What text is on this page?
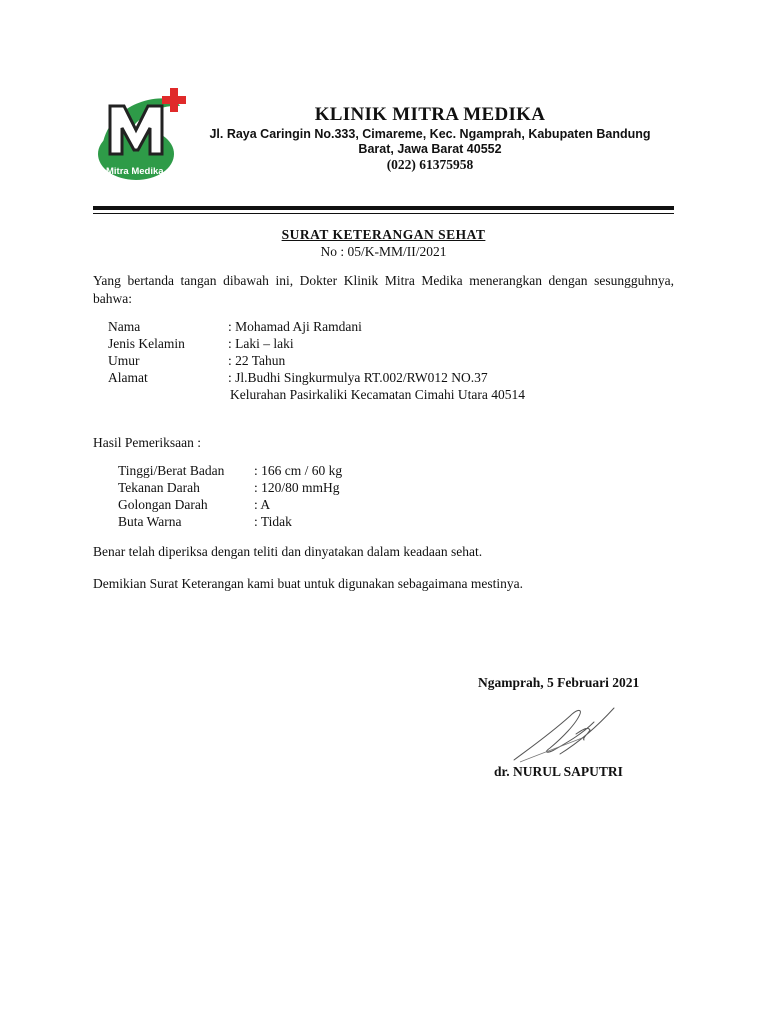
Mitra Medika
KLINIK MITRA MEDIKA
Jl. Raya Caringin No.333, Cimareme, Kec. Ngamprah, Kabupaten Bandung
Barat, Jawa Barat 40552
(022) 61375958
SURAT KETERANGAN SEHAT
No : 05/K-MM/II/2021
Yang bertanda tangan dibawah ini, Dokter Klinik Mitra Medika menerangkan dengan sesungguhnya, bahwa:
Nama	: Mohamad Aji Ramdani
Jenis Kelamin	: Laki – laki
Umur	: 22 Tahun
Alamat	: Jl.Budhi Singkurmulya RT.002/RW012 NO.37
Kelurahan Pasirkaliki Kecamatan Cimahi Utara 40514
Hasil Pemeriksaan :
Tinggi/Berat Badan : 166 cm / 60 kg
Tekanan Darah	: 120/80 mmHg
Golongan Darah	: A
Buta Warna	: Tidak
Benar telah diperiksa dengan teliti dan dinyatakan dalam keadaan sehat.
Demikian Surat Keterangan kami buat untuk digunakan sebagaimana mestinya.
Ngamprah, 5 Februari 2021
dr. NURUL SAPUTRI
